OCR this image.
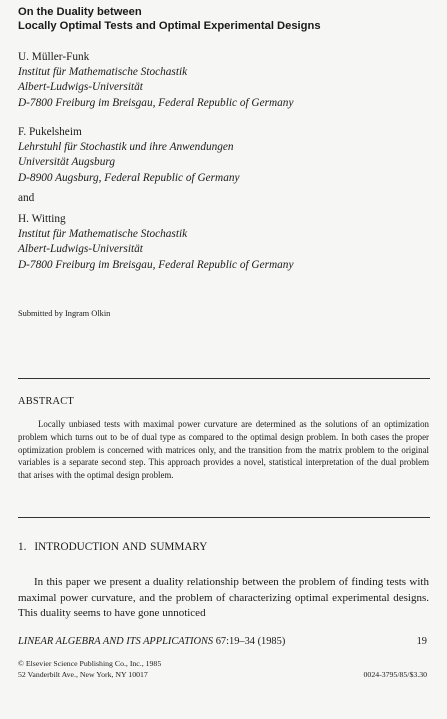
On the Duality between
Locally Optimal Tests and Optimal Experimental Designs
U. Müller-Funk
Institut für Mathematische Stochastik
Albert-Ludwigs-Universität
D-7800 Freiburg im Breisgau, Federal Republic of Germany
F. Pukelsheim
Lehrstuhl für Stochastik und ihre Anwendungen
Universität Augsburg
D-8900 Augsburg, Federal Republic of Germany
and
H. Witting
Institut für Mathematische Stochastik
Albert-Ludwigs-Universität
D-7800 Freiburg im Breisgau, Federal Republic of Germany
Submitted by Ingram Olkin
ABSTRACT
Locally unbiased tests with maximal power curvature are determined as the solutions of an optimization problem which turns out to be of dual type as compared to the optimal design problem. In both cases the proper optimization problem is concerned with matrices only, and the transition from the matrix problem to the original variables is a separate second step. This approach provides a novel, statistical interpretation of the dual problem that arises with the optimal design problem.
1. INTRODUCTION AND SUMMARY
In this paper we present a duality relationship between the problem of finding tests with maximal power curvature, and the problem of characterizing optimal experimental designs. This duality seems to have gone unnoticed
LINEAR ALGEBRA AND ITS APPLICATIONS 67:19–34 (1985)	19
© Elsevier Science Publishing Co., Inc., 1985
52 Vanderbilt Ave., New York, NY 10017	0024-3795/85/$3.30
